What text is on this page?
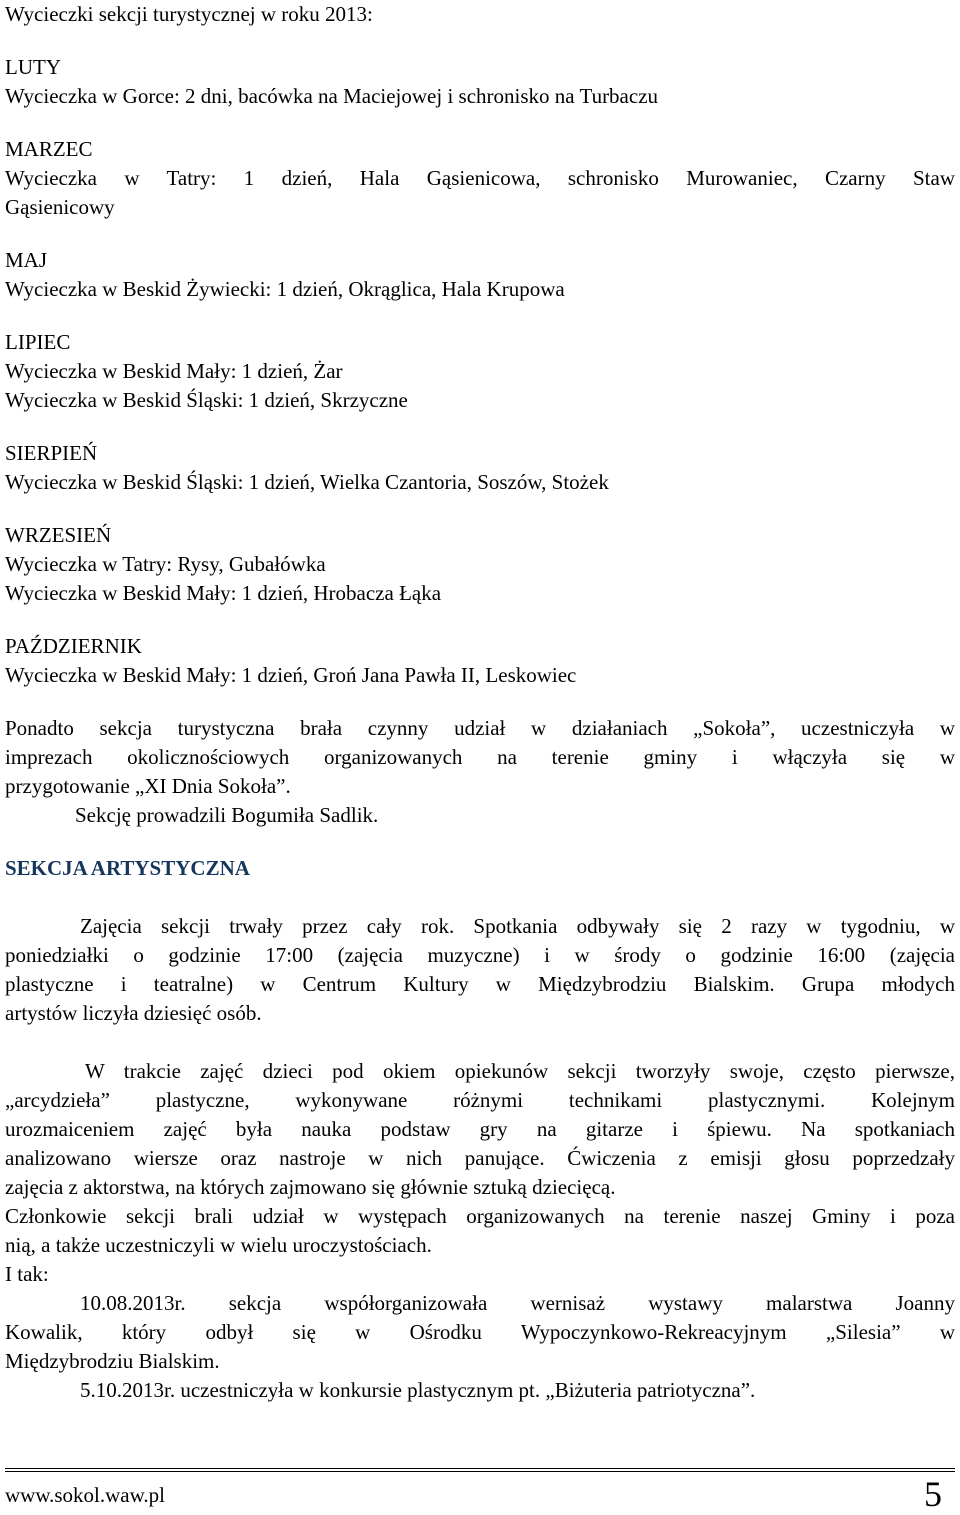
Wycieczki sekcji turystycznej w roku 2013:
LUTY
Wycieczka w Gorce: 2 dni, bacówka na Maciejowej i schronisko na Turbaczu
MARZEC
Wycieczka w Tatry: 1 dzień, Hala Gąsienicowa, schronisko Murowaniec, Czarny Staw
Gąsienicowy
MAJ
Wycieczka w Beskid Żywiecki: 1 dzień, Okrąglica, Hala Krupowa
LIPIEC
Wycieczka w Beskid Mały: 1 dzień, Żar
Wycieczka w Beskid Śląski: 1 dzień, Skrzyczne
SIERPIEŃ
Wycieczka w Beskid Śląski: 1 dzień, Wielka Czantoria, Soszów, Stożek
WRZESIEŃ
Wycieczka w Tatry: Rysy, Gubałówka
Wycieczka w Beskid Mały: 1 dzień, Hrobacza Łąka
PAŹDZIERNIK
Wycieczka w Beskid Mały: 1 dzień, Groń Jana Pawła II, Leskowiec
Ponadto sekcja turystyczna brała czynny udział w działaniach „Sokoła”, uczestniczyła w
imprezach okolicznościowych organizowanych na terenie gminy i włączyła się w
przygotowanie „XI Dnia Sokoła”.
Sekcję prowadzili Bogumiła Sadlik.
SEKCJA ARTYSTYCZNA
Zajęcia sekcji trwały przez cały rok. Spotkania odbywały się 2 razy w tygodniu, w
poniedziałki o godzinie 17:00 (zajęcia muzyczne) i w środy o godzinie 16:00 (zajęcia
plastyczne i teatralne) w Centrum Kultury w Międzybrodziu Bialskim. Grupa młodych
artystów liczyła dziesięć osób.
W trakcie zajęć dzieci pod okiem opiekunów sekcji tworzyły swoje, często pierwsze,
„arcydzieła” plastyczne, wykonywane różnymi technikami plastycznymi. Kolejnym
urozmaiceniem zajęć była nauka podstaw gry na gitarze i śpiewu. Na spotkaniach
analizowano wiersze oraz nastroje w nich panujące. Ćwiczenia z emisji głosu poprzedzały
zajęcia z aktorstwa, na których zajmowano się głównie sztuką dziecięcą.
Członkowie sekcji brali udział w występach organizowanych na terenie naszej Gminy i poza
nią, a także uczestniczyli w wielu uroczystościach.
I tak:
10.08.2013r. sekcja współorganizowała wernisaż wystawy malarstwa Joanny
Kowalik, który odbył się w Ośrodku Wypoczynkowo-Rekreacyjnym „Silesia” w
Międzybrodziu Bialskim.
5.10.2013r. uczestniczyła w konkursie plastycznym pt. „Biżuteria patriotyczna”.
www.sokol.waw.pl	5
